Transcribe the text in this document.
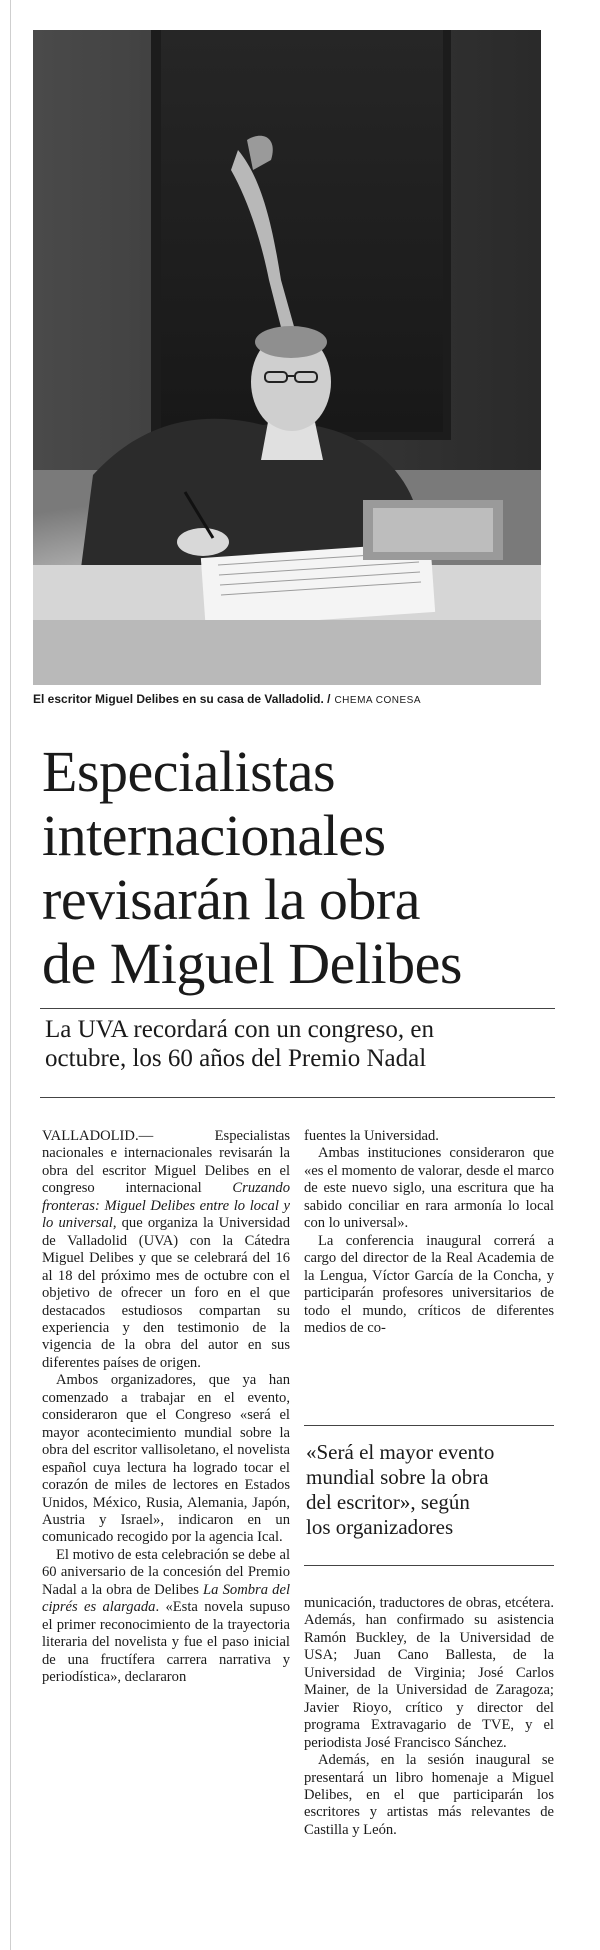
El escritor Miguel Delibes en su casa de Valladolid. / CHEMA CONESA
Especialistas
internacionales
revisarán la obra
de Miguel Delibes
La UVA recordará con un congreso, en
octubre, los 60 años del Premio Nadal

VALLADOLID.— Especialistas nacionales e internacionales revisarán la obra del escritor Miguel Delibes en el congreso internacional Cruzando fronteras: Miguel Delibes entre lo local y lo universal, que organiza la Universidad de Valladolid (UVA) con la Cátedra Miguel Delibes y que se celebrará del 16 al 18 del próximo mes de octubre con el objetivo de ofrecer un foro en el que destacados estudiosos compartan su experiencia y den testimonio de la vigencia de la obra del autor en sus diferentes países de origen.

Ambos organizadores, que ya han comenzado a trabajar en el evento, consideraron que el Congreso «será el mayor acontecimiento mundial sobre la obra del escritor vallisoletano, el novelista español cuya lectura ha logrado tocar el corazón de miles de lectores en Estados Unidos, México, Rusia, Alemania, Japón, Austria y Israel», indicaron en un comunicado recogido por la agencia Ical.

El motivo de esta celebración se debe al 60 aniversario de la concesión del Premio Nadal a la obra de Delibes La Sombra del ciprés es alargada. «Esta novela supuso el primer reconocimiento de la trayectoria literaria del novelista y fue el paso inicial de una fructífera carrera narrativa y periodística», declararon

fuentes la Universidad.

Ambas instituciones consideraron que «es el momento de valorar, desde el marco de este nuevo siglo, una escritura que ha sabido conciliar en rara armonía lo local con lo universal».

La conferencia inaugural correrá a cargo del director de la Real Academia de la Lengua, Víctor García de la Concha, y participarán profesores universitarios de todo el mundo, críticos de diferentes medios de co-

«Será el mayor evento
mundial sobre la obra
del escritor», según
los organizadores

municación, traductores de obras, etcétera. Además, han confirmado su asistencia Ramón Buckley, de la Universidad de USA; Juan Cano Ballesta, de la Universidad de Virginia; José Carlos Mainer, de la Universidad de Zaragoza; Javier Rioyo, crítico y director del programa Extravagario de TVE, y el periodista José Francisco Sánchez.

Además, en la sesión inaugural se presentará un libro homenaje a Miguel Delibes, en el que participarán los escritores y artistas más relevantes de Castilla y León.
